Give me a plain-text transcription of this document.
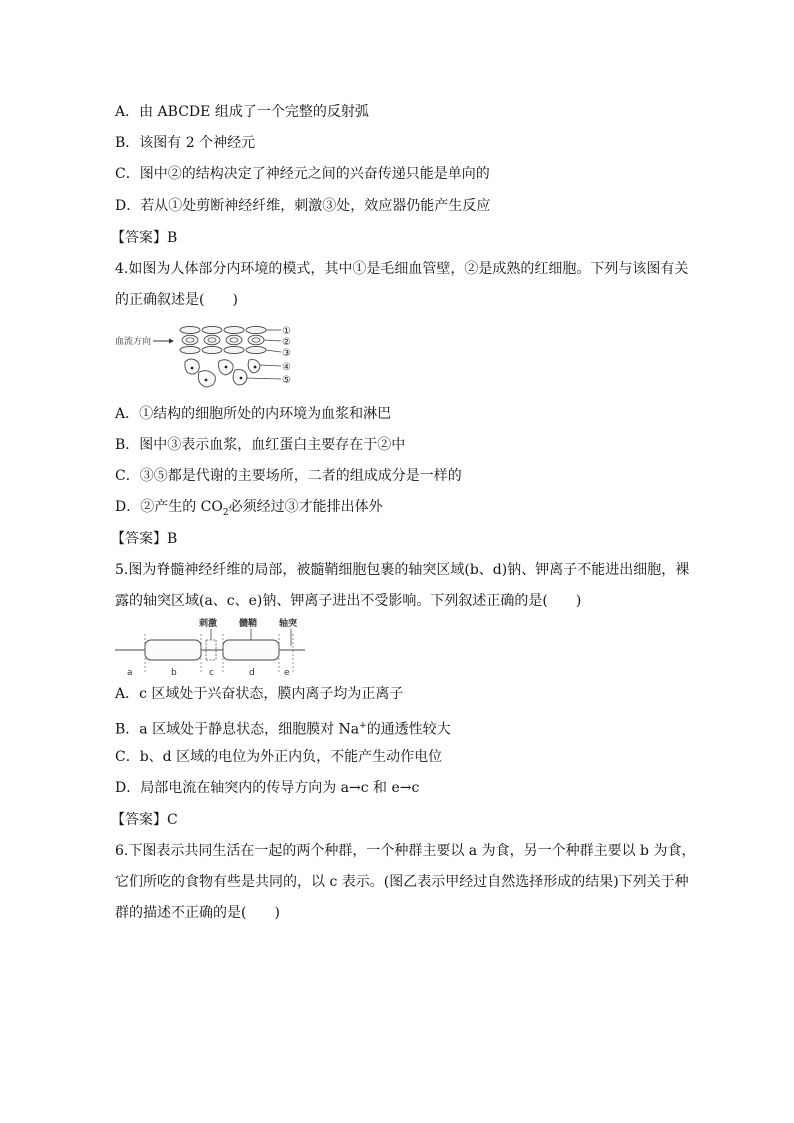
A．由 ABCDE 组成了一个完整的反射弧
B．该图有 2 个神经元
C．图中②的结构决定了神经元之间的兴奋传递只能是单向的
D．若从①处剪断神经纤维，刺激③处，效应器仍能产生反应
【答案】B
4.如图为人体部分内环境的模式，其中①是毛细血管壁，②是成熟的红细胞。下列与该图有关
的正确叙述是(　　)
血流方向
①
②
③
④
⑤
A．①结构的细胞所处的内环境为血浆和淋巴
B．图中③表示血浆，血红蛋白主要存在于②中
C．③⑤都是代谢的主要场所，二者的组成成分是一样的
D．②产生的 $CO_2$必须经过③才能排出体外
【答案】B
5.图为脊髓神经纤维的局部，被髓鞘细胞包裹的轴突区域(b、d)钠、钾离子不能进出细胞，裸
露的轴突区域(a、c、e)钠、钾离子进出不受影响。下列叙述正确的是(　　)
刺激 髓鞘 轴突
a	b	c	d	e
A．c 区域处于兴奋状态，膜内离子均为正离子
B．a 区域处于静息状态，细胞膜对 Na+的通透性较大
C．b、d 区域的电位为外正内负，不能产生动作电位
D．局部电流在轴突内的传导方向为 a→c 和 e→c
【答案】C
6.下图表示共同生活在一起的两个种群，一个种群主要以 a 为食，另一个种群主要以 b 为食，
它们所吃的食物有些是共同的，以 c 表示。(图乙表示甲经过自然选择形成的结果)下列关于种
群的描述不正确的是(　　)
